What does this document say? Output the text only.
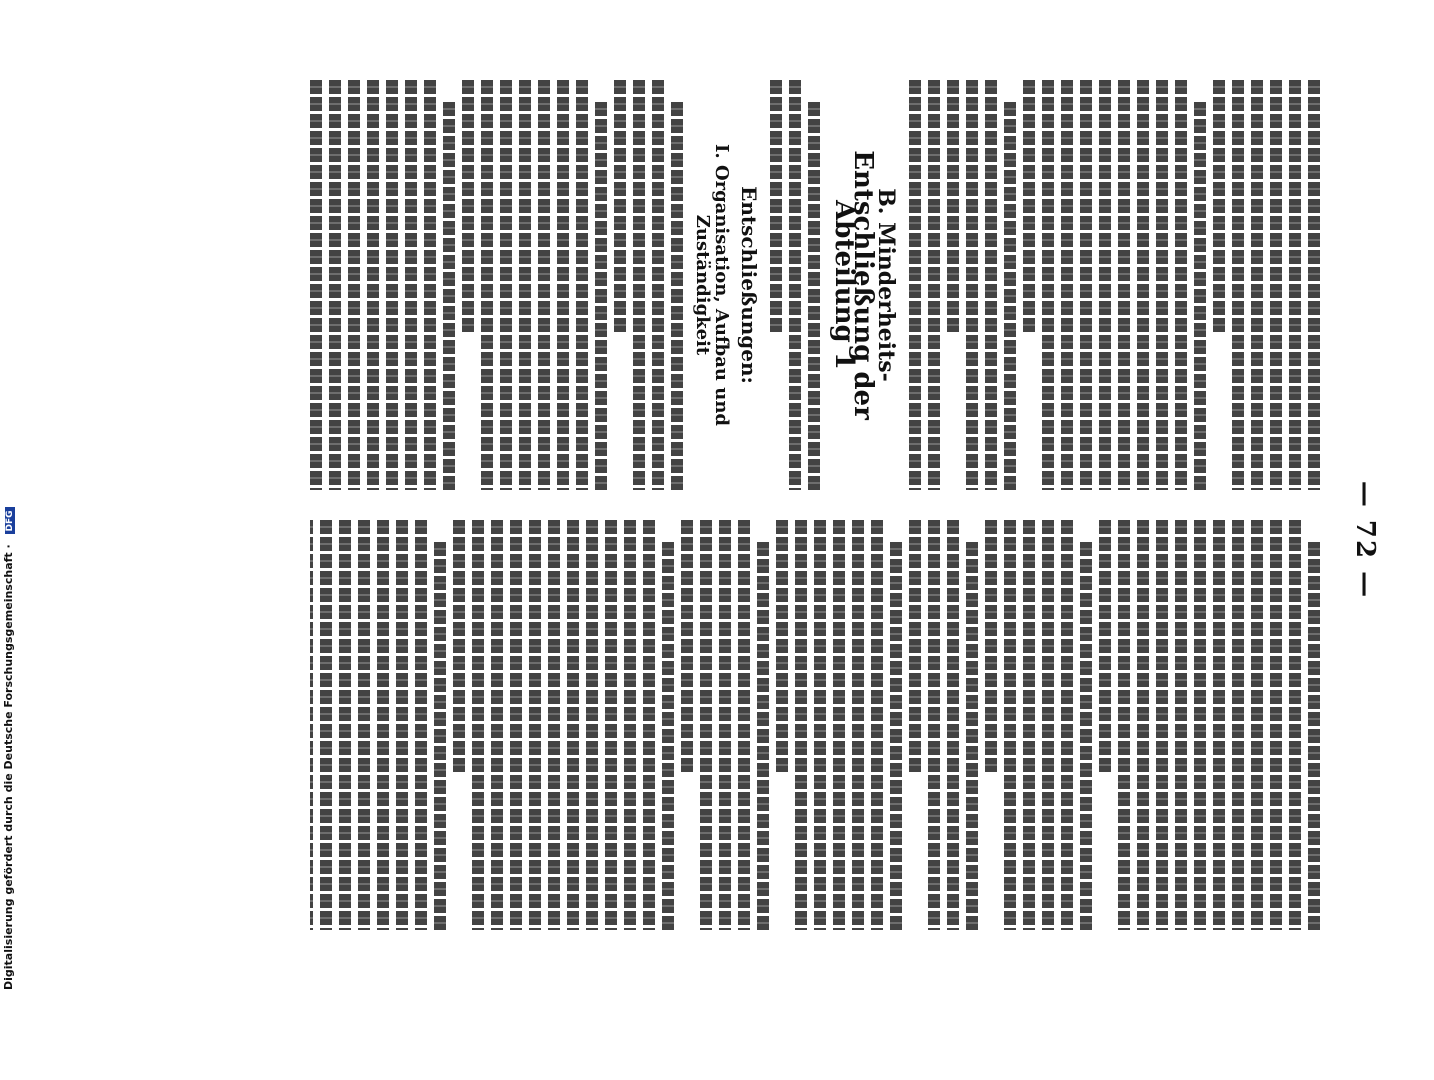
Digitalisierung gefördert durch die Deutsche Forschungsgemeinschaft · DFG	— 72 —
B. Minderheits-
Entschließung der Abteilung 1
Entschließungen:
I. Organisation, Aufbau und Zuständigkeit
